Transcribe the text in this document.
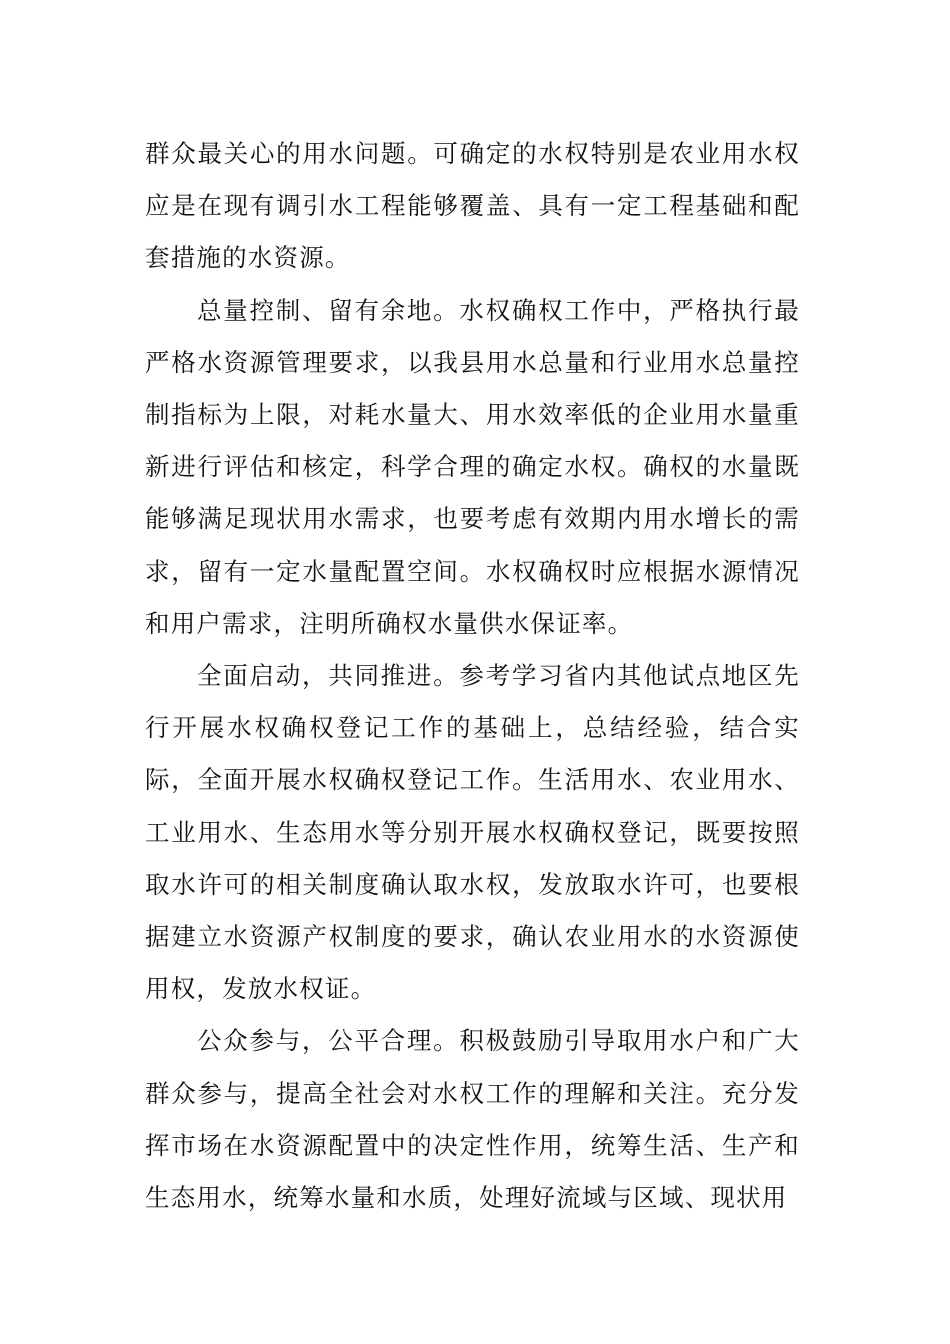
群众最关心的用水问题。可确定的水权特别是农业用水权应是在现有调引水工程能够覆盖、具有一定工程基础和配套措施的水资源。

总量控制、留有余地。水权确权工作中，严格执行最严格水资源管理要求，以我县用水总量和行业用水总量控制指标为上限，对耗水量大、用水效率低的企业用水量重新进行评估和核定，科学合理的确定水权。确权的水量既能够满足现状用水需求，也要考虑有效期内用水增长的需求，留有一定水量配置空间。水权确权时应根据水源情况和用户需求，注明所确权水量供水保证率。

全面启动，共同推进。参考学习省内其他试点地区先行开展水权确权登记工作的基础上，总结经验，结合实际，全面开展水权确权登记工作。生活用水、农业用水、工业用水、生态用水等分别开展水权确权登记，既要按照取水许可的相关制度确认取水权，发放取水许可，也要根据建立水资源产权制度的要求，确认农业用水的水资源使用权，发放水权证。

公众参与，公平合理。积极鼓励引导取用水户和广大群众参与，提高全社会对水权工作的理解和关注。充分发挥市场在水资源配置中的决定性作用，统筹生活、生产和生态用水，统筹水量和水质，处理好流域与区域、现状用
